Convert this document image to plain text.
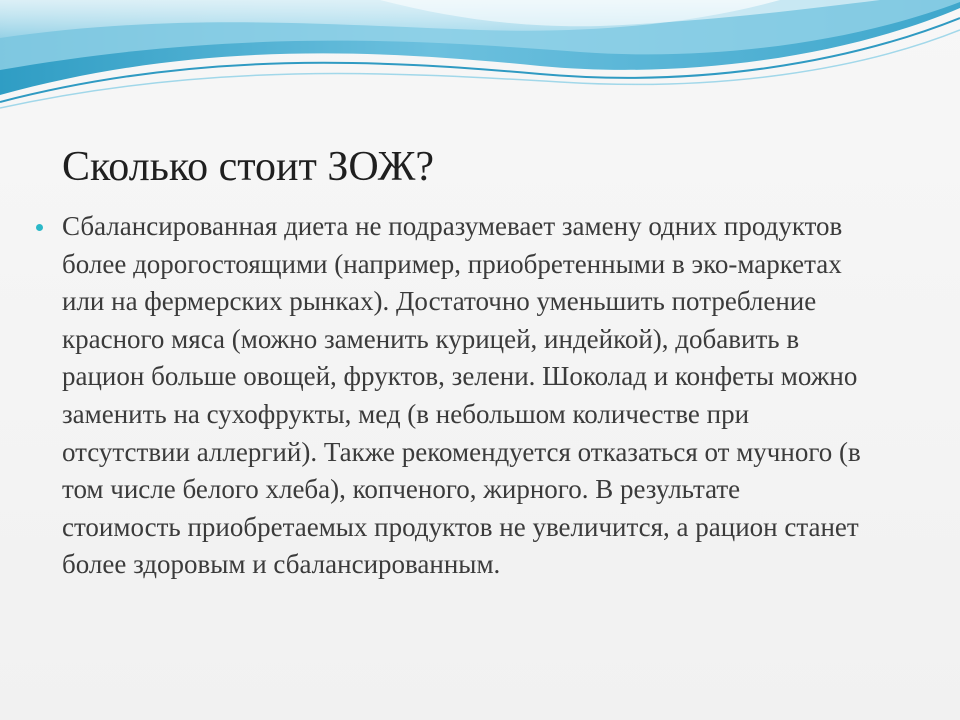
Сколько стоит ЗОЖ?
Сбалансированная диета не подразумевает замену одних продуктов более дорогостоящими (например, приобретенными в эко-маркетах или на фермерских рынках). Достаточно уменьшить потребление красного мяса (можно заменить курицей, индейкой), добавить в рацион больше овощей, фруктов, зелени. Шоколад и конфеты можно заменить на сухофрукты, мед (в небольшом количестве при отсутствии аллергий). Также рекомендуется отказаться от мучного (в том числе белого хлеба), копченого, жирного. В результате стоимость приобретаемых продуктов не увеличится, а рацион станет более здоровым и сбалансированным.
